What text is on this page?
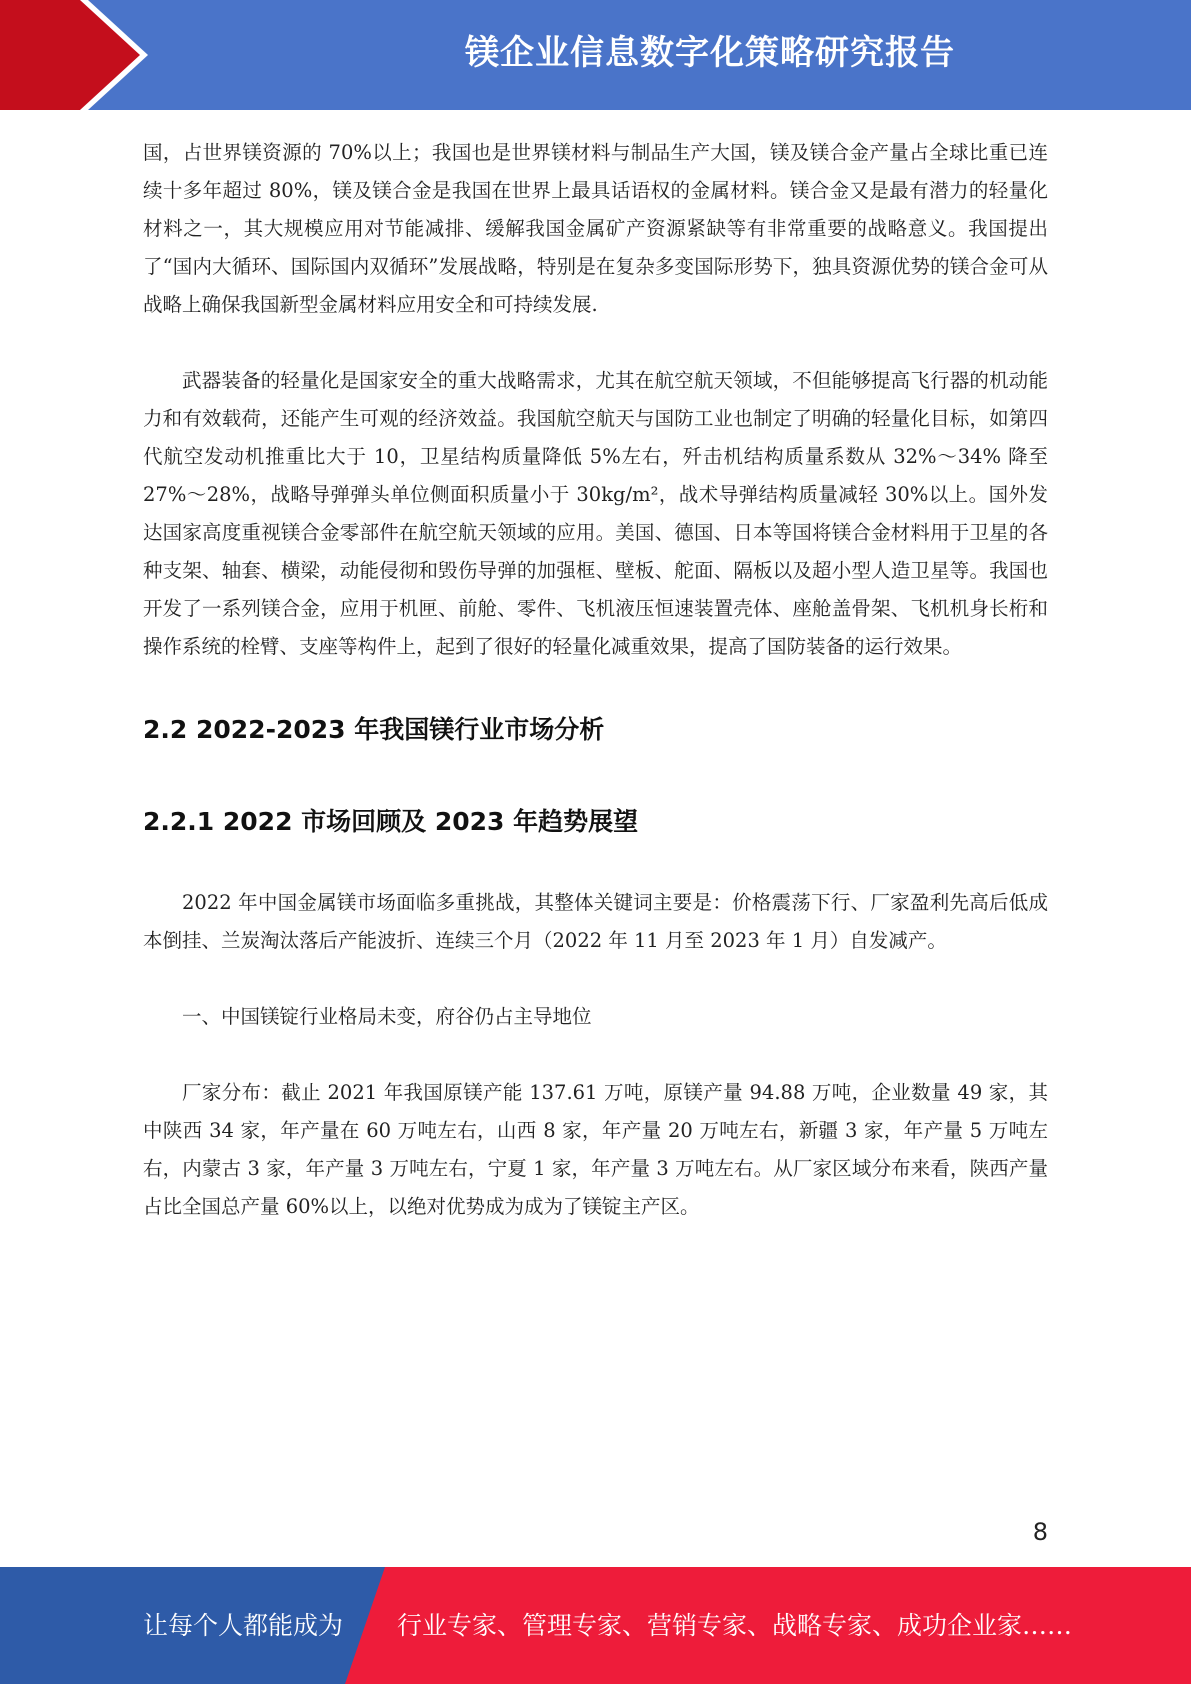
镁企业信息数字化策略研究报告

国，占世界镁资源的 70%以上；我国也是世界镁材料与制品生产大国，镁及镁合金产量占全球比重已连续十多年超过 80%，镁及镁合金是我国在世界上最具话语权的金属材料。镁合金又是最有潜力的轻量化材料之一，其大规模应用对节能减排、缓解我国金属矿产资源紧缺等有非常重要的战略意义。我国提出了“国内大循环、国际国内双循环”发展战略，特别是在复杂多变国际形势下，独具资源优势的镁合金可从战略上确保我国新型金属材料应用安全和可持续发展.

武器装备的轻量化是国家安全的重大战略需求，尤其在航空航天领域，不但能够提高飞行器的机动能力和有效载荷，还能产生可观的经济效益。我国航空航天与国防工业也制定了明确的轻量化目标，如第四代航空发动机推重比大于 10，卫星结构质量降低 5%左右，歼击机结构质量系数从 32%～34% 降至 27%～28%，战略导弹弹头单位侧面积质量小于 30kg/m²，战术导弹结构质量减轻 30%以上。国外发达国家高度重视镁合金零部件在航空航天领域的应用。美国、德国、日本等国将镁合金材料用于卫星的各种支架、轴套、横梁，动能侵彻和毁伤导弹的加强框、壁板、舵面、隔板以及超小型人造卫星等。我国也开发了一系列镁合金，应用于机匣、前舱、零件、飞机液压恒速装置壳体、座舱盖骨架、飞机机身长桁和操作系统的栓臂、支座等构件上，起到了很好的轻量化减重效果，提高了国防装备的运行效果。

2.2 2022-2023 年我国镁行业市场分析
2.2.1 2022 市场回顾及 2023 年趋势展望

2022 年中国金属镁市场面临多重挑战，其整体关键词主要是：价格震荡下行、厂家盈利先高后低成本倒挂、兰炭淘汰落后产能波折、连续三个月（2022 年 11 月至 2023 年 1 月）自发减产。

一、中国镁锭行业格局未变，府谷仍占主导地位

厂家分布：截止 2021 年我国原镁产能 137.61 万吨，原镁产量 94.88 万吨，企业数量 49 家，其中陕西 34 家，年产量在 60 万吨左右，山西 8 家，年产量 20 万吨左右，新疆 3 家，年产量 5 万吨左右，内蒙古 3 家，年产量 3 万吨左右，宁夏 1 家，年产量 3 万吨左右。从厂家区域分布来看，陕西产量占比全国总产量 60%以上，以绝对优势成为成为了镁锭主产区。

8
让每个人都能成为 行业专家、管理专家、营销专家、战略专家、成功企业家……
